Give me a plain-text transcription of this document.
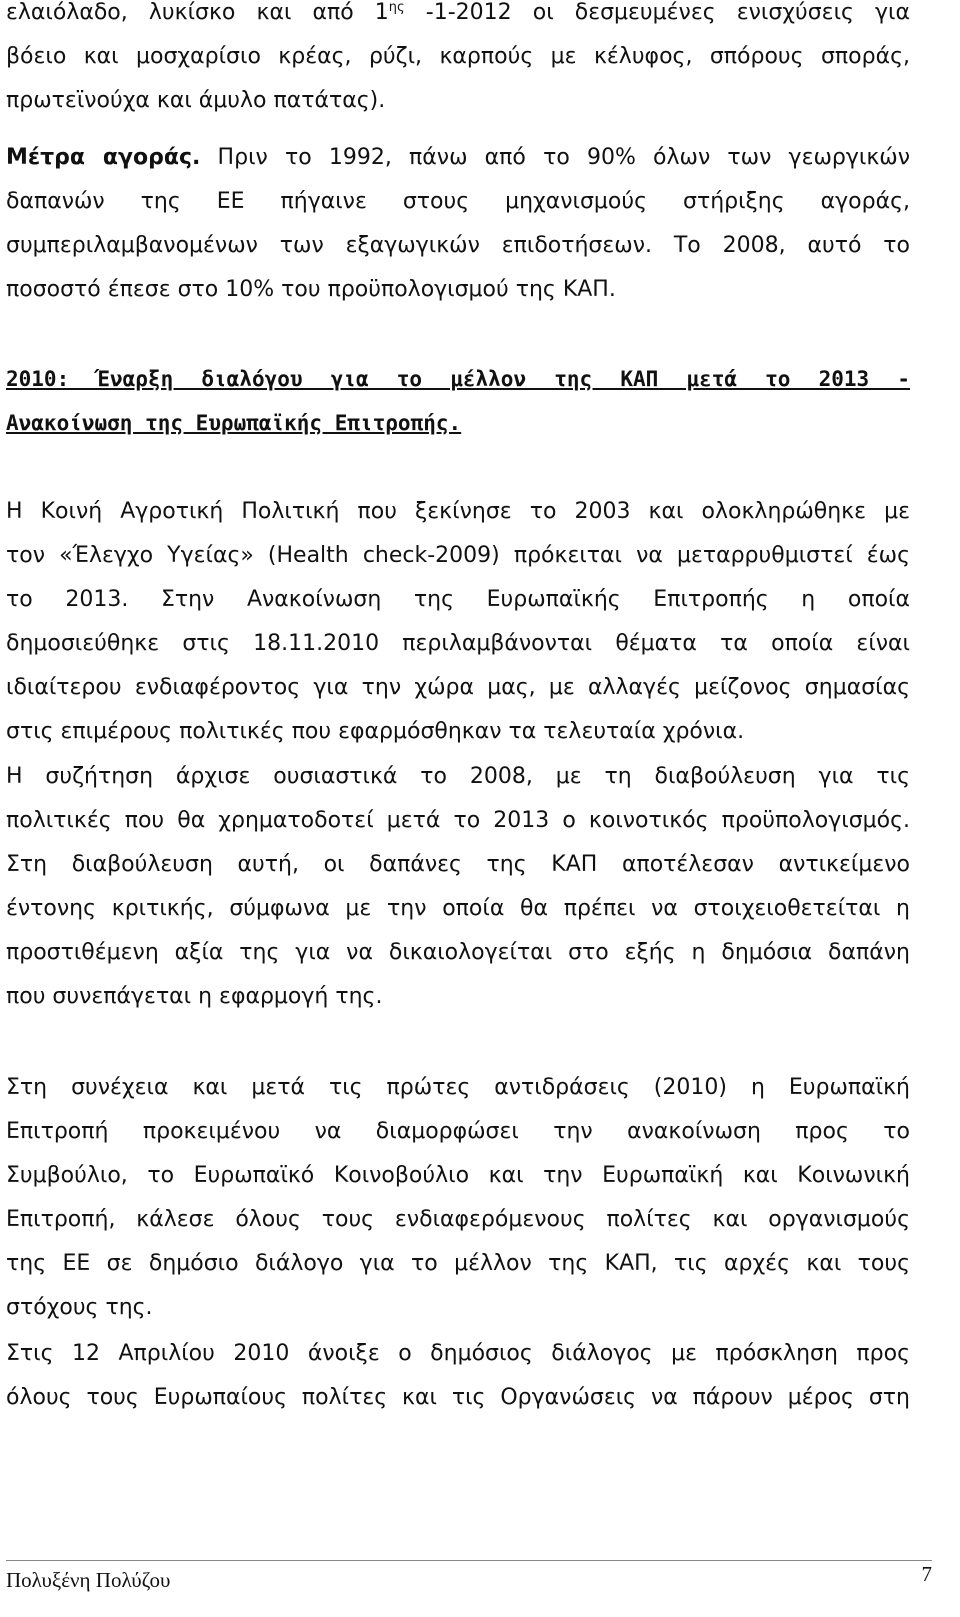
ελαιόλαδο, λυκίσκο και από $1^{\eta\varsigma}$ -1-2012 οι δεσμευμένες ενισχύσεις για
βόειο και μοσχαρίσιο κρέας, ρύζι, καρπούς με κέλυφος, σπόρους σποράς,
πρωτεϊνούχα και άμυλο πατάτας).
Μέτρα αγοράς. Πριν το 1992, πάνω από το 90% όλων των γεωργικών
δαπανών της ΕΕ πήγαινε στους μηχανισμούς στήριξης αγοράς,
συμπεριλαμβανομένων των εξαγωγικών επιδοτήσεων. Το 2008, αυτό το
ποσοστό έπεσε στο 10% του προϋπολογισμού της ΚΑΠ.
2010: Έναρξη διαλόγου για το μέλλον της ΚΑΠ μετά το 2013 -
Ανακοίνωση της Ευρωπαϊκής Επιτροπής.
Η Κοινή Αγροτική Πολιτική που ξεκίνησε το 2003 και ολοκληρώθηκε με
τον «Έλεγχο Υγείας» (Health check-2009) πρόκειται να μεταρρυθμιστεί έως
το 2013. Στην Ανακοίνωση της Ευρωπαϊκής Επιτροπής η οποία
δημοσιεύθηκε στις 18.11.2010 περιλαμβάνονται θέματα τα οποία είναι
ιδιαίτερου ενδιαφέροντος για την χώρα μας, με αλλαγές μείζονος σημασίας
στις επιμέρους πολιτικές που εφαρμόσθηκαν τα τελευταία χρόνια.
Η συζήτηση άρχισε ουσιαστικά το 2008, με τη διαβούλευση για τις
πολιτικές που θα χρηματοδοτεί μετά το 2013 ο κοινοτικός προϋπολογισμός.
Στη διαβούλευση αυτή, οι δαπάνες της ΚΑΠ αποτέλεσαν αντικείμενο
έντονης κριτικής, σύμφωνα με την οποία θα πρέπει να στοιχειοθετείται η
προστιθέμενη αξία της για να δικαιολογείται στο εξής η δημόσια δαπάνη
που συνεπάγεται η εφαρμογή της.
Στη συνέχεια και μετά τις πρώτες αντιδράσεις (2010) η Ευρωπαϊκή
Επιτροπή προκειμένου να διαμορφώσει την ανακοίνωση προς το
Συμβούλιο, το Ευρωπαϊκό Κοινοβούλιο και την Ευρωπαϊκή και Κοινωνική
Επιτροπή, κάλεσε όλους τους ενδιαφερόμενους πολίτες και οργανισμούς
της ΕΕ σε δημόσιο διάλογο για το μέλλον της ΚΑΠ, τις αρχές και τους
στόχους της.
Στις 12 Απριλίου 2010 άνοιξε ο δημόσιος διάλογος με πρόσκληση προς
όλους τους Ευρωπαίους πολίτες και τις Οργανώσεις να πάρουν μέρος στη
Πολυξένη Πολύζου	7
